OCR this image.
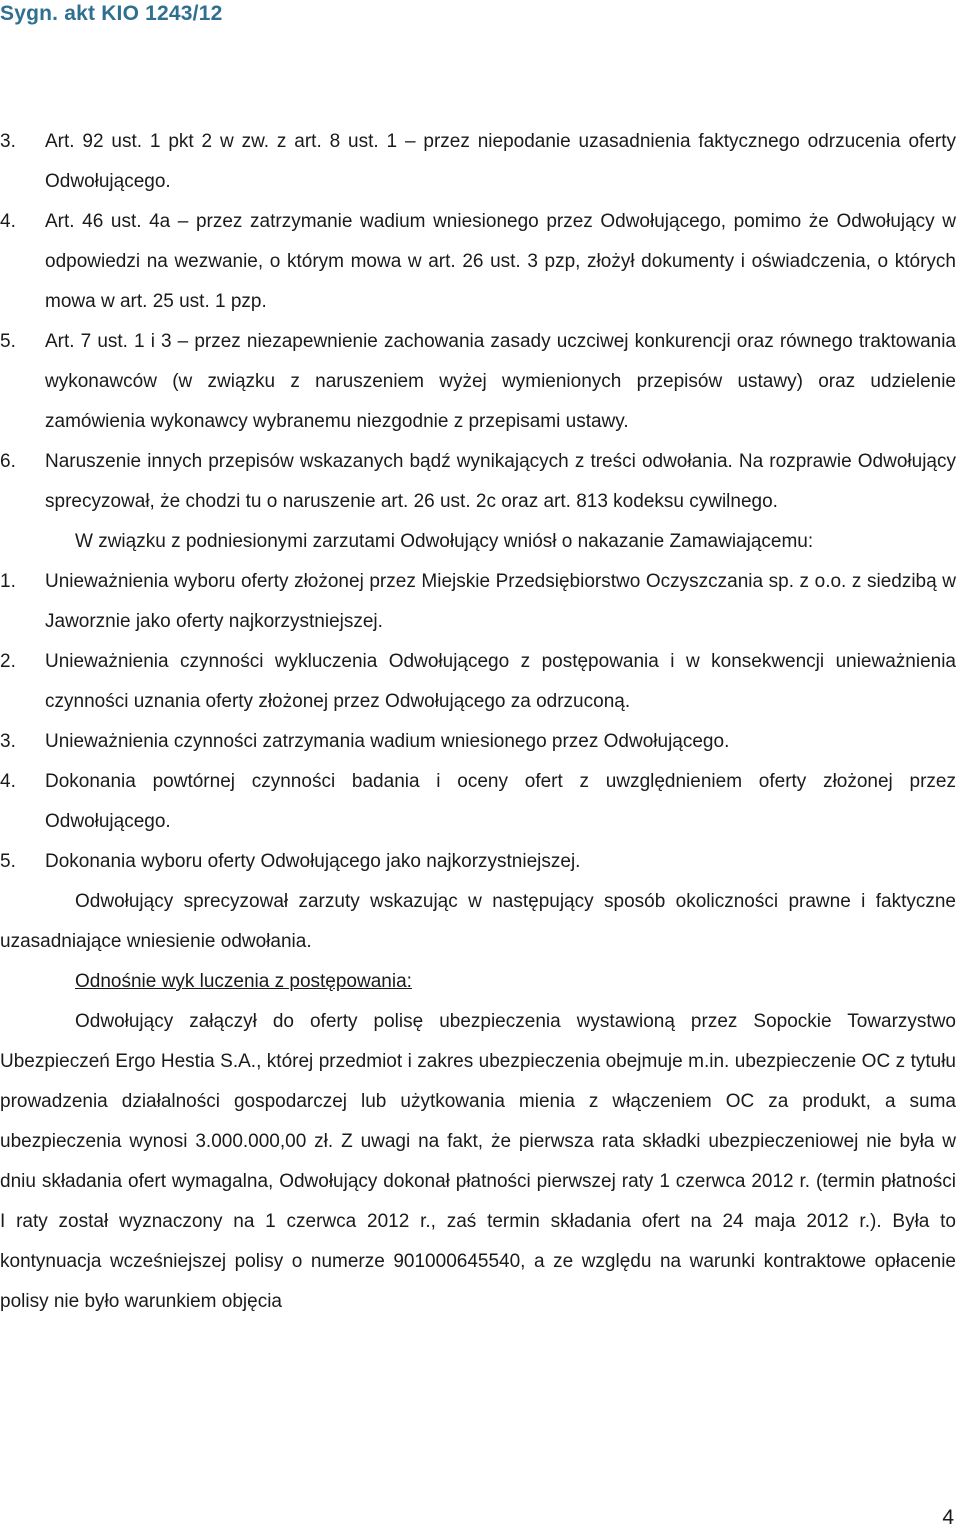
Sygn. akt KIO 1243/12
3.	Art. 92 ust. 1 pkt 2 w zw. z art. 8 ust. 1 – przez niepodanie uzasadnienia faktycznego odrzucenia oferty Odwołującego.
4.	Art. 46 ust. 4a – przez zatrzymanie wadium wniesionego przez Odwołującego, pomimo że Odwołujący w odpowiedzi na wezwanie, o którym mowa w art. 26 ust. 3 pzp, złożył dokumenty i oświadczenia, o których mowa w art. 25 ust. 1 pzp.
5.	Art. 7 ust. 1 i 3 – przez niezapewnienie zachowania zasady uczciwej konkurencji oraz równego traktowania wykonawców (w związku z naruszeniem wyżej wymienionych przepisów ustawy) oraz udzielenie zamówienia wykonawcy wybranemu niezgodnie z przepisami ustawy.
6.	Naruszenie innych przepisów wskazanych bądź wynikających z treści odwołania. Na rozprawie Odwołujący sprecyzował, że chodzi tu o naruszenie art. 26 ust. 2c oraz art. 813 kodeksu cywilnego.
W związku z podniesionymi zarzutami Odwołujący wniósł o nakazanie Zamawiającemu:
1.	Unieważnienia wyboru oferty złożonej przez Miejskie Przedsiębiorstwo Oczyszczania sp. z o.o. z siedzibą w Jaworznie jako oferty najkorzystniejszej.
2.	Unieważnienia czynności wykluczenia Odwołującego z postępowania i w konsekwencji unieważnienia czynności uznania oferty złożonej przez Odwołującego za odrzuconą.
3.	Unieważnienia czynności zatrzymania wadium wniesionego przez Odwołującego.
4.	Dokonania powtórnej czynności badania i oceny ofert z uwzględnieniem oferty złożonej przez Odwołującego.
5.	Dokonania wyboru oferty Odwołującego jako najkorzystniejszej.
Odwołujący sprecyzował zarzuty wskazując w następujący sposób okoliczności prawne i faktyczne uzasadniające wniesienie odwołania.
Odnośnie wyk luczenia z postępowania:
Odwołujący załączył do oferty polisę ubezpieczenia wystawioną przez Sopockie Towarzystwo Ubezpieczeń Ergo Hestia S.A., której przedmiot i zakres ubezpieczenia obejmuje m.in. ubezpieczenie OC z tytułu prowadzenia działalności gospodarczej lub użytkowania mienia z włączeniem OC za produkt, a suma ubezpieczenia wynosi 3.000.000,00 zł. Z uwagi na fakt, że pierwsza rata składki ubezpieczeniowej nie była w dniu składania ofert wymagalna, Odwołujący dokonał płatności pierwszej raty 1 czerwca 2012 r. (termin płatności I raty został wyznaczony na 1 czerwca 2012 r., zaś termin składania ofert na 24 maja 2012 r.). Była to kontynuacja wcześniejszej polisy o numerze 901000645540, a ze względu na warunki kontraktowe opłacenie polisy nie było warunkiem objęcia
4
